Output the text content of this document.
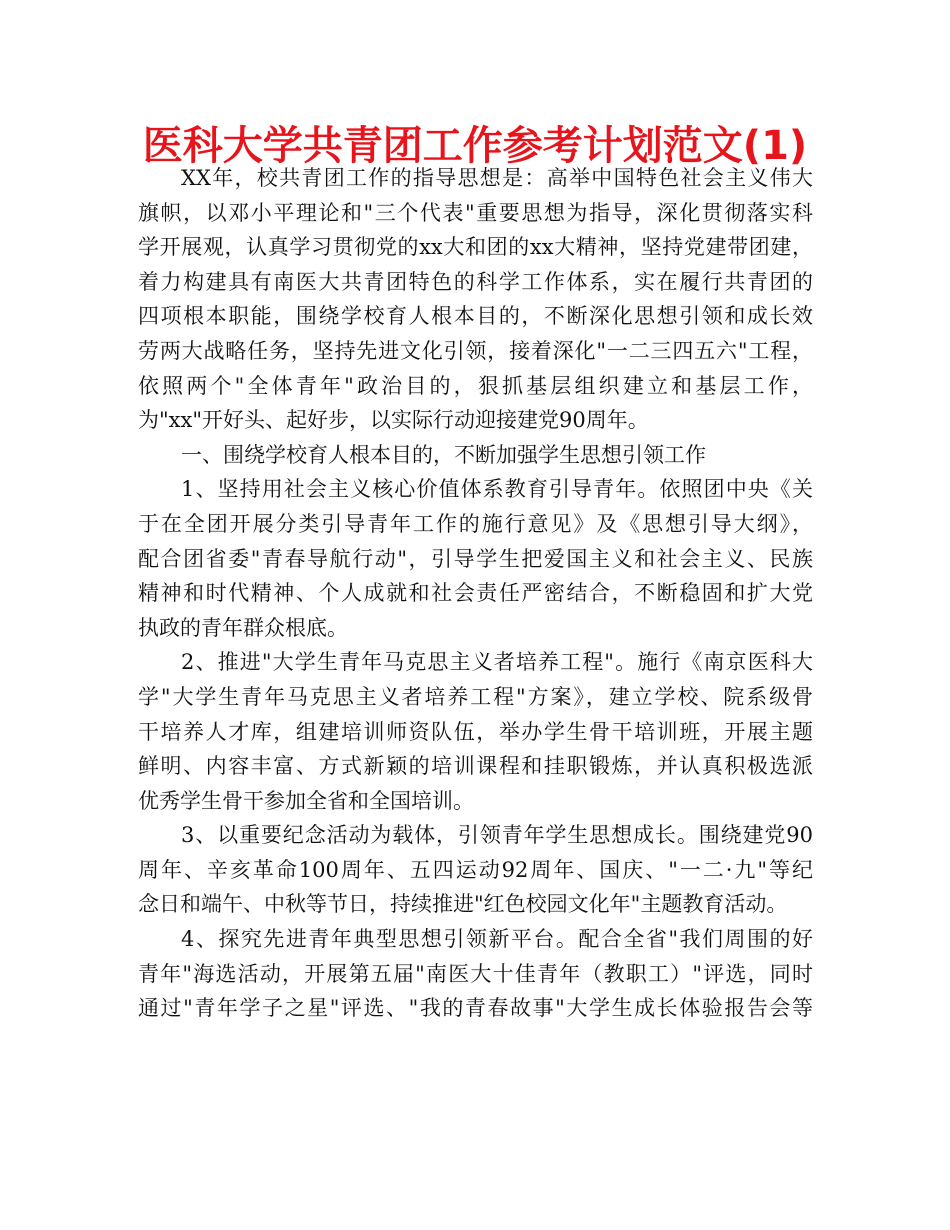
医科大学共青团工作参考计划范文(1)
XX年，校共青团工作的指导思想是：高举中国特色社会主义伟大
旗帜，以邓小平理论和"三个代表"重要思想为指导，深化贯彻落实科
学开展观，认真学习贯彻党的xx大和团的xx大精神，坚持党建带团建，
着力构建具有南医大共青团特色的科学工作体系，实在履行共青团的
四项根本职能，围绕学校育人根本目的，不断深化思想引领和成长效
劳两大战略任务，坚持先进文化引领，接着深化"一二三四五六"工程，
依照两个"全体青年"政治目的，狠抓基层组织建立和基层工作，
为"xx"开好头、起好步，以实际行动迎接建党90周年。
一、围绕学校育人根本目的，不断加强学生思想引领工作
1、坚持用社会主义核心价值体系教育引导青年。依照团中央《关
于在全团开展分类引导青年工作的施行意见》及《思想引导大纲》，
配合团省委"青春导航行动"，引导学生把爱国主义和社会主义、民族
精神和时代精神、个人成就和社会责任严密结合，不断稳固和扩大党
执政的青年群众根底。
2、推进"大学生青年马克思主义者培养工程"。施行《南京医科大
学"大学生青年马克思主义者培养工程"方案》，建立学校、院系级骨
干培养人才库，组建培训师资队伍，举办学生骨干培训班，开展主题
鲜明、内容丰富、方式新颖的培训课程和挂职锻炼，并认真积极选派
优秀学生骨干参加全省和全国培训。
3、以重要纪念活动为载体，引领青年学生思想成长。围绕建党90
周年、辛亥革命100周年、五四运动92周年、国庆、"一二·九"等纪
念日和端午、中秋等节日，持续推进"红色校园文化年"主题教育活动。
4、探究先进青年典型思想引领新平台。配合全省"我们周围的好
青年"海选活动，开展第五届"南医大十佳青年（教职工）"评选，同时
通过"青年学子之星"评选、"我的青春故事"大学生成长体验报告会等
